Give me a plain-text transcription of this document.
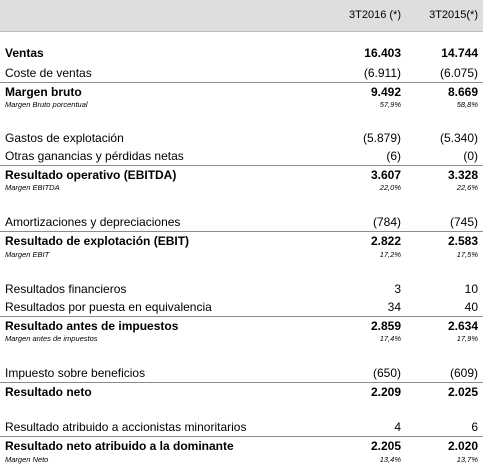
3T2016 (*)	3T2015(*)
Ventas	16.403	14.744
Coste de ventas	(6.911)	(6.075)
Margen bruto	9.492	8.669
Margen Bruto porcentual	57,9%	58,8%
Gastos de explotación	(5.879)	(5.340)
Otras ganancias y pérdidas netas	(6)	(0)
Resultado operativo (EBITDA)	3.607	3.328
Margen EBITDA	22,0%	22,6%
Amortizaciones y depreciaciones	(784)	(745)
Resultado de explotación (EBIT)	2.822	2.583
Margen EBIT	17,2%	17,5%
Resultados financieros	3	10
Resultados por puesta en equivalencia	34	40
Resultado antes de impuestos	2.859	2.634
Margen antes de impuestos	17,4%	17,9%
Impuesto sobre beneficios	(650)	(609)
Resultado neto	2.209	2.025
Resultado atribuido a accionistas minoritarios	4	6
Resultado neto atribuido a la dominante	2.205	2.020
Margen Neto	13,4%	13,7%
